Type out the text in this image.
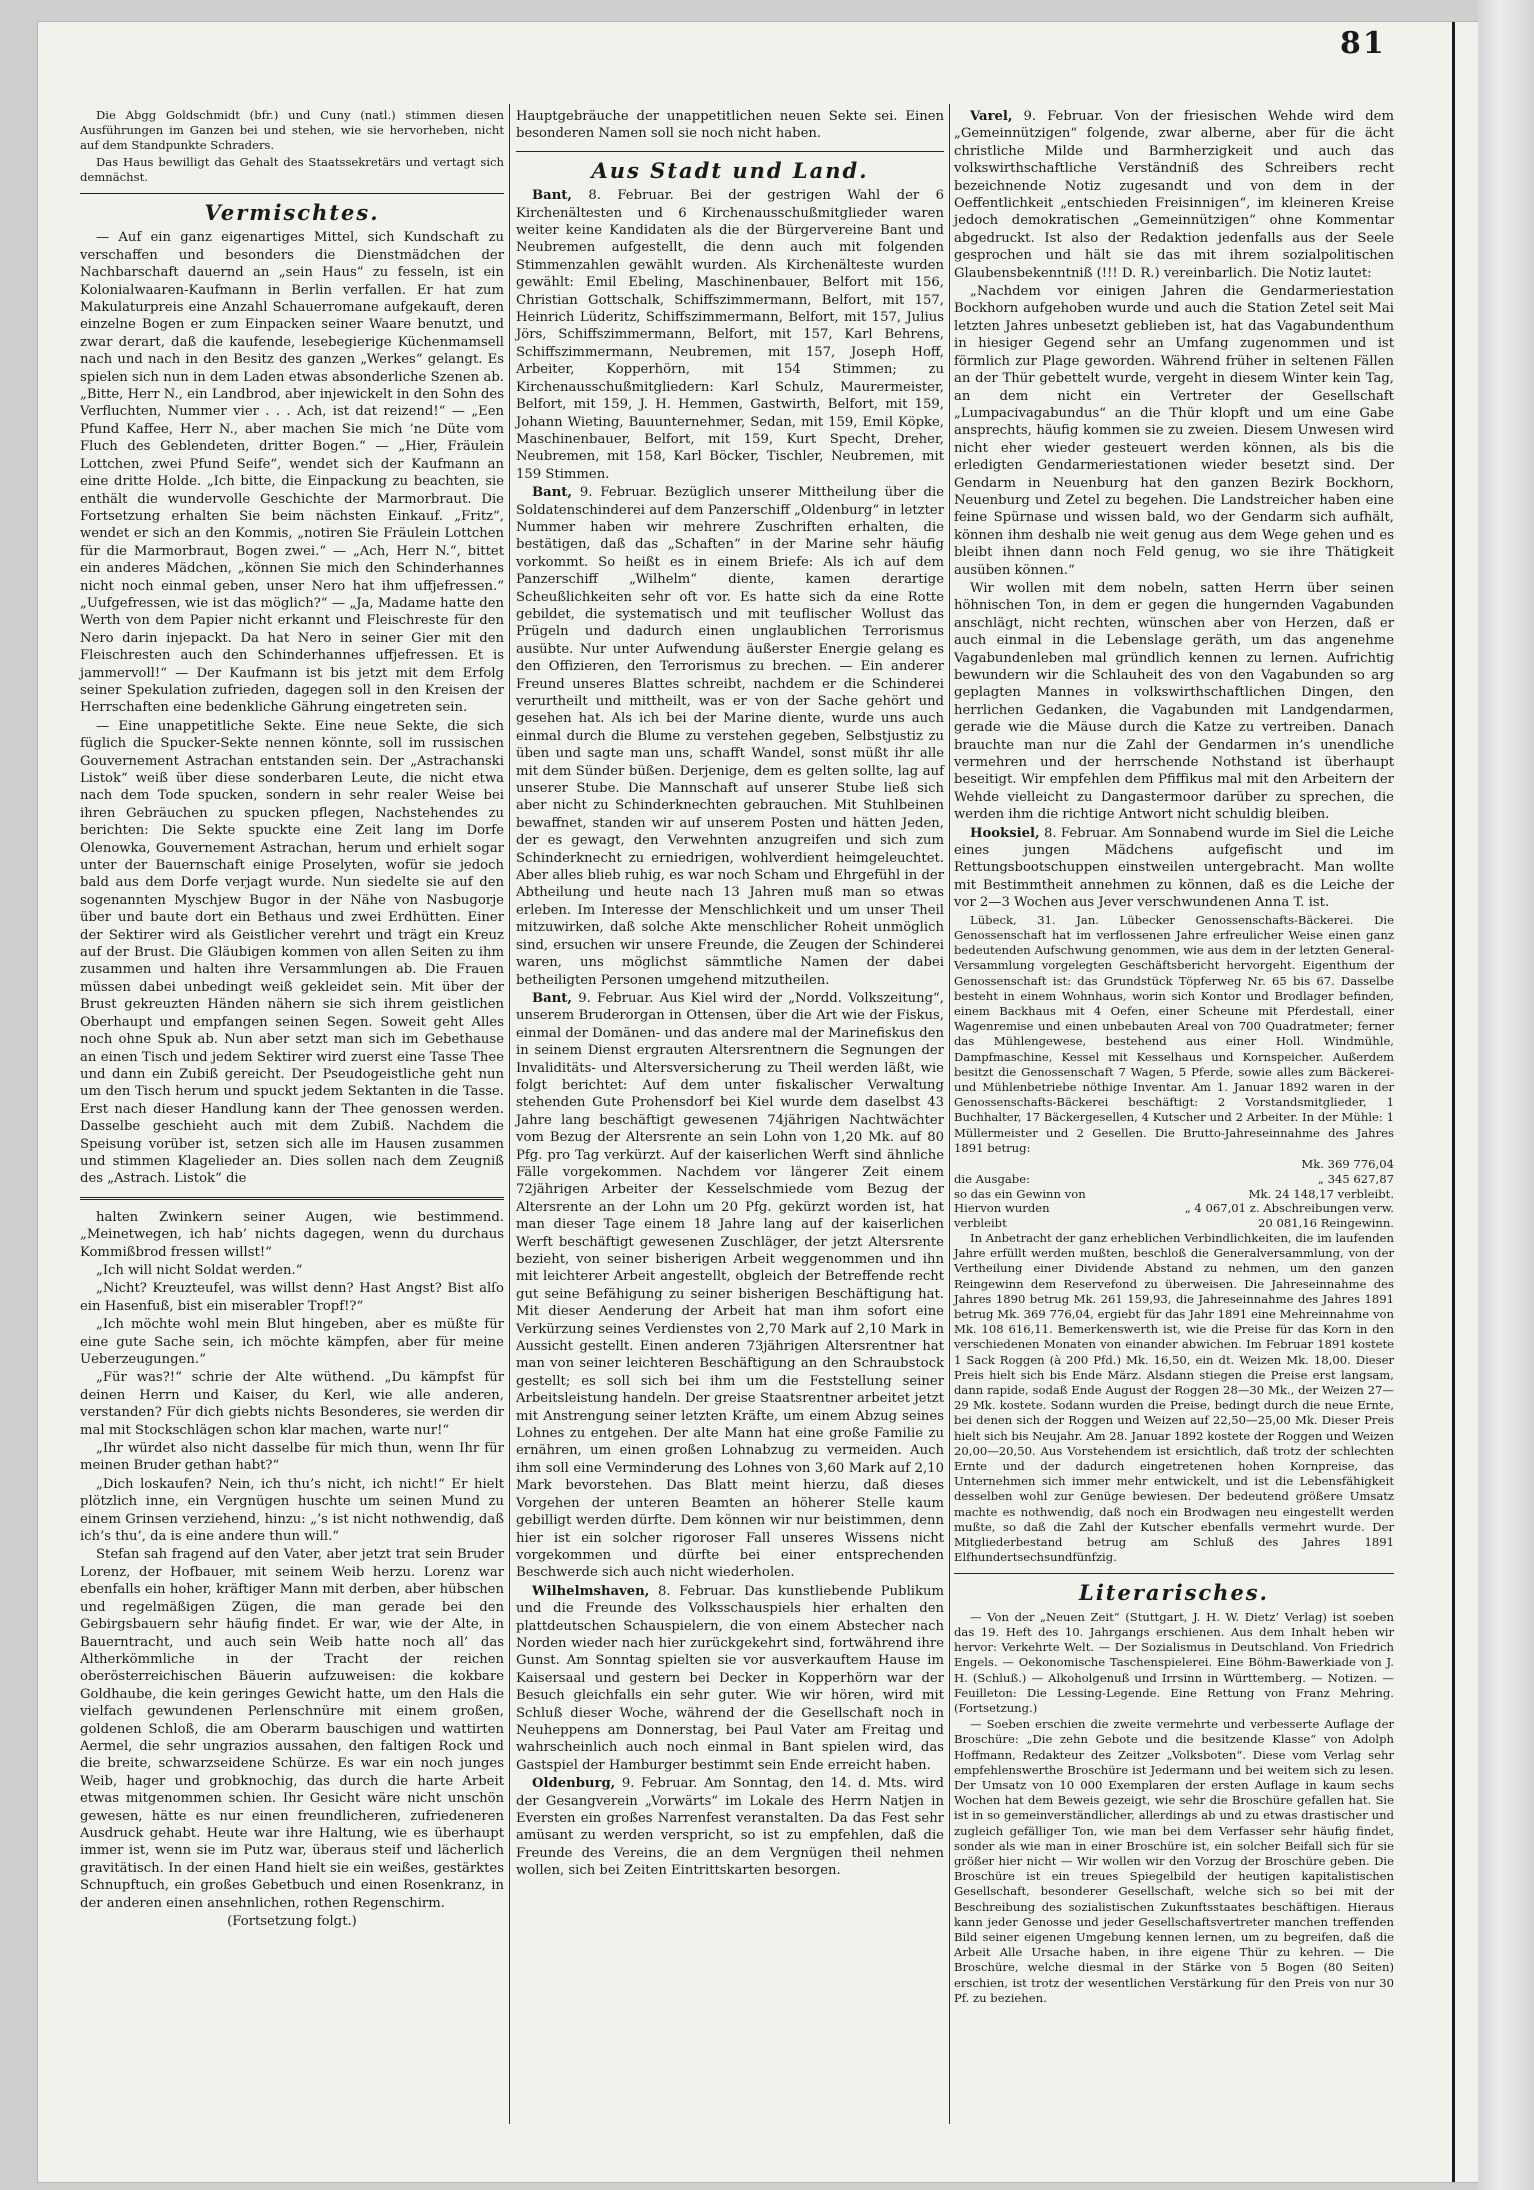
81

Die Abgg Goldschmidt (bfr.) und Cuny (natl.) stimmen diesen Ausführungen im Ganzen bei und stehen, wie sie hervorheben, nicht auf dem Standpunkte Schraders.

Das Haus bewilligt das Gehalt des Staatssekretärs und vertagt sich demnächst.

Vermischtes.

— Auf ein ganz eigenartiges Mittel, sich Kundschaft zu verschaffen und besonders die Dienstmädchen der Nachbarschaft dauernd an „sein Haus“ zu fesseln, ist ein Kolonialwaaren-Kaufmann in Berlin verfallen. Er hat zum Makulaturpreis eine Anzahl Schauerromane aufgekauft, deren einzelne Bogen er zum Einpacken seiner Waare benutzt, und zwar derart, daß die kaufende, lesebegierige Küchenmamsell nach und nach in den Besitz des ganzen „Werkes“ gelangt. Es spielen sich nun in dem Laden etwas absonderliche Szenen ab. „Bitte, Herr N., ein Landbrod, aber injewickelt in den Sohn des Verfluchten, Nummer vier . . . Ach, ist dat reizend!“ — „Een Pfund Kaffee, Herr N., aber machen Sie mich ’ne Düte vom Fluch des Geblendeten, dritter Bogen.“ — „Hier, Fräulein Lottchen, zwei Pfund Seife“, wendet sich der Kaufmann an eine dritte Holde. „Ich bitte, die Einpackung zu beachten, sie enthält die wundervolle Geschichte der Marmorbraut. Die Fortsetzung erhalten Sie beim nächsten Einkauf. „Fritz“, wendet er sich an den Kommis, „notiren Sie Fräulein Lottchen für die Marmorbraut, Bogen zwei.“ — „Ach, Herr N.“, bittet ein anderes Mädchen, „können Sie mich den Schinderhannes nicht noch einmal geben, unser Nero hat ihm uffjefressen.“ „Uufgefressen, wie ist das möglich?“ — „Ja, Madame hatte den Werth von dem Papier nicht erkannt und Fleischreste für den Nero darin injepackt. Da hat Nero in seiner Gier mit den Fleischresten auch den Schinderhannes uffjefressen. Et is jammervoll!“ — Der Kaufmann ist bis jetzt mit dem Erfolg seiner Spekulation zufrieden, dagegen soll in den Kreisen der Herrschaften eine bedenkliche Gährung eingetreten sein.

— Eine unappetitliche Sekte. Eine neue Sekte, die sich füglich die Spucker-Sekte nennen könnte, soll im russischen Gouvernement Astrachan entstanden sein. Der „Astrachanski Listok“ weiß über diese sonderbaren Leute, die nicht etwa nach dem Tode spucken, sondern in sehr realer Weise bei ihren Gebräuchen zu spucken pflegen, Nachstehendes zu berichten: Die Sekte spuckte eine Zeit lang im Dorfe Olenowka, Gouvernement Astrachan, herum und erhielt sogar unter der Bauernschaft einige Proselyten, wofür sie jedoch bald aus dem Dorfe verjagt wurde. Nun siedelte sie auf den sogenannten Myschjew Bugor in der Nähe von Nasbugorje über und baute dort ein Bethaus und zwei Erdhütten. Einer der Sektirer wird als Geistlicher verehrt und trägt ein Kreuz auf der Brust. Die Gläubigen kommen von allen Seiten zu ihm zusammen und halten ihre Versammlungen ab. Die Frauen müssen dabei unbedingt weiß gekleidet sein. Mit über der Brust gekreuzten Händen nähern sie sich ihrem geistlichen Oberhaupt und empfangen seinen Segen. Soweit geht Alles noch ohne Spuk ab. Nun aber setzt man sich im Gebethause an einen Tisch und jedem Sektirer wird zuerst eine Tasse Thee und dann ein Zubiß gereicht. Der Pseudogeistliche geht nun um den Tisch herum und spuckt jedem Sektanten in die Tasse. Erst nach dieser Handlung kann der Thee genossen werden. Dasselbe geschieht auch mit dem Zubiß. Nachdem die Speisung vorüber ist, setzen sich alle im Hausen zusammen und stimmen Klagelieder an. Dies sollen nach dem Zeugniß des „Astrach. Listok“ die

halten Zwinkern seiner Augen, wie bestimmend. „Meinetwegen, ich hab’ nichts dagegen, wenn du durchaus Kommißbrod fressen willst!“

„Ich will nicht Soldat werden.“

„Nicht? Kreuzteufel, was willst denn? Hast Angst? Bist alſo ein Hasenfuß, bist ein miserabler Tropf!?“

„Ich möchte wohl mein Blut hingeben, aber es müßte für eine gute Sache sein, ich möchte kämpfen, aber für meine Ueberzeugungen.“

„Für was?!“ schrie der Alte wüthend. „Du kämpfst für deinen Herrn und Kaiser, du Kerl, wie alle anderen, verstanden? Für dich giebts nichts Besonderes, sie werden dir mal mit Stockschlägen schon klar machen, warte nur!“

„Ihr würdet also nicht dasselbe für mich thun, wenn Ihr für meinen Bruder gethan habt?“

„Dich loskaufen? Nein, ich thu’s nicht, ich nicht!“ Er hielt plötzlich inne, ein Vergnügen huschte um seinen Mund zu einem Grinsen verziehend, hinzu: „’s ist nicht nothwendig, daß ich’s thu’, da is eine andere thun will.“

Stefan sah fragend auf den Vater, aber jetzt trat sein Bruder Lorenz, der Hofbauer, mit seinem Weib herzu. Lorenz war ebenfalls ein hoher, kräftiger Mann mit derben, aber hübschen und regelmäßigen Zügen, die man gerade bei den Gebirgsbauern sehr häufig findet. Er war, wie der Alte, in Bauerntracht, und auch sein Weib hatte noch all’ das Altherkömmliche in der Tracht der reichen oberösterreichischen Bäuerin aufzuweisen: die kokbare Goldhaube, die kein geringes Gewicht hatte, um den Hals die vielfach gewundenen Perlenschnüre mit einem großen, goldenen Schloß, die am Oberarm bauschigen und wattirten Aermel, die sehr ungrazios aussahen, den faltigen Rock und die breite, schwarzseidene Schürze. Es war ein noch junges Weib, hager und grobknochig, das durch die harte Arbeit etwas mitgenommen schien. Ihr Gesicht wäre nicht unschön gewesen, hätte es nur einen freundlicheren, zufriedeneren Ausdruck gehabt. Heute war ihre Haltung, wie es überhaupt immer ist, wenn sie im Putz war, überaus steif und lächerlich gravitätisch. In der einen Hand hielt sie ein weißes, gestärktes Schnupftuch, ein großes Gebetbuch und einen Rosenkranz, in der anderen einen ansehnlichen, rothen Regenschirm.

(Fortsetzung folgt.)

Hauptgebräuche der unappetitlichen neuen Sekte sei. Einen besonderen Namen soll sie noch nicht haben.

Aus Stadt und Land.

Bant, 8. Februar. Bei der gestrigen Wahl der 6 Kirchenältesten und 6 Kirchenausschußmitglieder waren weiter keine Kandidaten als die der Bürgervereine Bant und Neubremen aufgestellt, die denn auch mit folgenden Stimmenzahlen gewählt wurden. Als Kirchenälteste wurden gewählt: Emil Ebeling, Maschinenbauer, Belfort mit 156, Christian Gottschalk, Schiffszimmermann, Belfort, mit 157, Heinrich Lüderitz, Schiffszimmermann, Belfort, mit 157, Julius Jörs, Schiffszimmermann, Belfort, mit 157, Karl Behrens, Schiffszimmermann, Neubremen, mit 157, Joseph Hoff, Arbeiter, Kopperhörn, mit 154 Stimmen; zu Kirchenausschußmitgliedern: Karl Schulz, Maurermeister, Belfort, mit 159, J. H. Hemmen, Gastwirth, Belfort, mit 159, Johann Wieting, Bauunternehmer, Sedan, mit 159, Emil Köpke, Maschinenbauer, Belfort, mit 159, Kurt Specht, Dreher, Neubremen, mit 158, Karl Böcker, Tischler, Neubremen, mit 159 Stimmen.

Bant, 9. Februar. Bezüglich unserer Mittheilung über die Soldatenschinderei auf dem Panzerschiff „Oldenburg“ in letzter Nummer haben wir mehrere Zuschriften erhalten, die bestätigen, daß das „Schaften“ in der Marine sehr häufig vorkommt. So heißt es in einem Briefe: Als ich auf dem Panzerschiff „Wilhelm“ diente, kamen derartige Scheußlichkeiten sehr oft vor. Es hatte sich da eine Rotte gebildet, die systematisch und mit teuflischer Wollust das Prügeln und dadurch einen unglaublichen Terrorismus ausübte. Nur unter Aufwendung äußerster Energie gelang es den Offizieren, den Terrorismus zu brechen. — Ein anderer Freund unseres Blattes schreibt, nachdem er die Schinderei verurtheilt und mittheilt, was er von der Sache gehört und gesehen hat. Als ich bei der Marine diente, wurde uns auch einmal durch die Blume zu verstehen gegeben, Selbstjustiz zu üben und sagte man uns, schafft Wandel, sonst müßt ihr alle mit dem Sünder büßen. Derjenige, dem es gelten sollte, lag auf unserer Stube. Die Mannschaft auf unserer Stube ließ sich aber nicht zu Schinderknechten gebrauchen. Mit Stuhlbeinen bewaffnet, standen wir auf unserem Posten und hätten Jeden, der es gewagt, den Verwehnten anzugreifen und sich zum Schinderknecht zu erniedrigen, wohlverdient heimgeleuchtet. Aber alles blieb ruhig, es war noch Scham und Ehrgefühl in der Abtheilung und heute nach 13 Jahren muß man so etwas erleben. Im Interesse der Menschlichkeit und um unser Theil mitzuwirken, daß solche Akte menschlicher Roheit unmöglich sind, ersuchen wir unsere Freunde, die Zeugen der Schinderei waren, uns möglichst sämmtliche Namen der dabei betheiligten Personen umgehend mitzutheilen.

Bant, 9. Februar. Aus Kiel wird der „Nordd. Volkszeitung“, unserem Bruderorgan in Ottensen, über die Art wie der Fiskus, einmal der Domänen- und das andere mal der Marinefiskus den in seinem Dienst ergrauten Altersrentnern die Segnungen der Invaliditäts- und Altersversicherung zu Theil werden läßt, wie folgt berichtet: Auf dem unter fiskalischer Verwaltung stehenden Gute Prohensdorf bei Kiel wurde dem daselbst 43 Jahre lang beschäftigt gewesenen 74jährigen Nachtwächter vom Bezug der Altersrente an sein Lohn von 1,20 Mk. auf 80 Pfg. pro Tag verkürzt. Auf der kaiserlichen Werft sind ähnliche Fälle vorgekommen. Nachdem vor längerer Zeit einem 72jährigen Arbeiter der Kesselschmiede vom Bezug der Altersrente an der Lohn um 20 Pfg. gekürzt worden ist, hat man dieser Tage einem 18 Jahre lang auf der kaiserlichen Werft beschäftigt gewesenen Zuschläger, der jetzt Altersrente bezieht, von seiner bisherigen Arbeit weggenommen und ihn mit leichterer Arbeit angestellt, obgleich der Betreffende recht gut seine Befähigung zu seiner bisherigen Beschäftigung hat. Mit dieser Aenderung der Arbeit hat man ihm sofort eine Verkürzung seines Verdienstes von 2,70 Mark auf 2,10 Mark in Aussicht gestellt. Einen anderen 73jährigen Altersrentner hat man von seiner leichteren Beschäftigung an den Schraubstock gestellt; es soll sich bei ihm um die Feststellung seiner Arbeitsleistung handeln. Der greise Staatsrentner arbeitet jetzt mit Anstrengung seiner letzten Kräfte, um einem Abzug seines Lohnes zu entgehen. Der alte Mann hat eine große Familie zu ernähren, um einen großen Lohnabzug zu vermeiden. Auch ihm soll eine Verminderung des Lohnes von 3,60 Mark auf 2,10 Mark bevorstehen. Das Blatt meint hierzu, daß dieses Vorgehen der unteren Beamten an höherer Stelle kaum gebilligt werden dürfte. Dem können wir nur beistimmen, denn hier ist ein solcher rigoroser Fall unseres Wissens nicht vorgekommen und dürfte bei einer entsprechenden Beschwerde sich auch nicht wiederholen.

Wilhelmshaven, 8. Februar. Das kunstliebende Publikum und die Freunde des Volksschauspiels hier erhalten den plattdeutschen Schauspielern, die von einem Abstecher nach Norden wieder nach hier zurückgekehrt sind, fortwährend ihre Gunst. Am Sonntag spielten sie vor ausverkauftem Hause im Kaisersaal und gestern bei Decker in Kopperhörn war der Besuch gleichfalls ein sehr guter. Wie wir hören, wird mit Schluß dieser Woche, während der die Gesellschaft noch in Neuheppens am Donnerstag, bei Paul Vater am Freitag und wahrscheinlich auch noch einmal in Bant spielen wird, das Gastspiel der Hamburger bestimmt sein Ende erreicht haben.

Oldenburg, 9. Februar. Am Sonntag, den 14. d. Mts. wird der Gesangverein „Vorwärts“ im Lokale des Herrn Natjen in Eversten ein großes Narrenfest veranstalten. Da das Fest sehr amüsant zu werden verspricht, so ist zu empfehlen, daß die Freunde des Vereins, die an dem Vergnügen theil nehmen wollen, sich bei Zeiten Eintrittskarten besorgen.

Varel, 9. Februar. Von der friesischen Wehde wird dem „Gemeinnützigen“ folgende, zwar alberne, aber für die ächt christliche Milde und Barmherzigkeit und auch das volkswirthschaftliche Verständniß des Schreibers recht bezeichnende Notiz zugesandt und von dem in der Oeffentlichkeit „entschieden Freisinnigen“, im kleineren Kreise jedoch demokratischen „Gemeinnützigen“ ohne Kommentar abgedruckt. Ist also der Redaktion jedenfalls aus der Seele gesprochen und hält sie das mit ihrem sozialpolitischen Glaubensbekenntniß (!!! D. R.) vereinbarlich. Die Notiz lautet:

„Nachdem vor einigen Jahren die Gendarmeriestation Bockhorn aufgehoben wurde und auch die Station Zetel seit Mai letzten Jahres unbesetzt geblieben ist, hat das Vagabundenthum in hiesiger Gegend sehr an Umfang zugenommen und ist förmlich zur Plage geworden. Während früher in seltenen Fällen an der Thür gebettelt wurde, vergeht in diesem Winter kein Tag, an dem nicht ein Vertreter der Gesellschaft „Lumpacivagabundus“ an die Thür klopft und um eine Gabe ansprechts, häufig kommen sie zu zweien. Diesem Unwesen wird nicht eher wieder gesteuert werden können, als bis die erledigten Gendarmeriestationen wieder besetzt sind. Der Gendarm in Neuenburg hat den ganzen Bezirk Bockhorn, Neuenburg und Zetel zu begehen. Die Landstreicher haben eine feine Spürnase und wissen bald, wo der Gendarm sich aufhält, können ihm deshalb nie weit genug aus dem Wege gehen und es bleibt ihnen dann noch Feld genug, wo sie ihre Thätigkeit ausüben können.“

Wir wollen mit dem nobeln, satten Herrn über seinen höhnischen Ton, in dem er gegen die hungernden Vagabunden anschlägt, nicht rechten, wünschen aber von Herzen, daß er auch einmal in die Lebenslage geräth, um das angenehme Vagabundenleben mal gründlich kennen zu lernen. Aufrichtig bewundern wir die Schlauheit des von den Vagabunden so arg geplagten Mannes in volkswirthschaftlichen Dingen, den herrlichen Gedanken, die Vagabunden mit Landgendarmen, gerade wie die Mäuse durch die Katze zu vertreiben. Danach brauchte man nur die Zahl der Gendarmen in’s unendliche vermehren und der herrschende Nothstand ist überhaupt beseitigt. Wir empfehlen dem Pfiffikus mal mit den Arbeitern der Wehde vielleicht zu Dangastermoor darüber zu sprechen, die werden ihm die richtige Antwort nicht schuldig bleiben.

Hooksiel, 8. Februar. Am Sonnabend wurde im Siel die Leiche eines jungen Mädchens aufgefischt und im Rettungsbootschuppen einstweilen untergebracht. Man wollte mit Bestimmtheit annehmen zu können, daß es die Leiche der vor 2—3 Wochen aus Jever verschwundenen Anna T. ist.

Lübeck, 31. Jan. Lübecker Genossenschafts-Bäckerei. Die Genossenschaft hat im verflossenen Jahre erfreulicher Weise einen ganz bedeutenden Aufschwung genommen, wie aus dem in der letzten General-Versammlung vorgelegten Geschäftsbericht hervorgeht. Eigenthum der Genossenschaft ist: das Grundstück Töpferweg Nr. 65 bis 67. Dasselbe besteht in einem Wohnhaus, worin sich Kontor und Brodlager befinden, einem Backhaus mit 4 Oefen, einer Scheune mit Pferdestall, einer Wagenremise und einen unbebauten Areal von 700 Quadratmeter; ferner das Mühlengewese, bestehend aus einer Holl. Windmühle, Dampfmaschine, Kessel mit Kesselhaus und Kornspeicher. Außerdem besitzt die Genossenschaft 7 Wagen, 5 Pferde, sowie alles zum Bäckerei- und Mühlenbetriebe nöthige Inventar. Am 1. Januar 1892 waren in der Genossenschafts-Bäckerei beschäftigt: 2 Vorstandsmitglieder, 1 Buchhalter, 17 Bäckergesellen, 4 Kutscher und 2 Arbeiter. In der Mühle: 1 Müllermeister und 2 Gesellen. Die Brutto-Jahreseinnahme des Jahres 1891 betrug:

	Mk. 369 776,04
die Ausgabe:	„ 345 627,87
so das ein Gewinn von	Mk. 24 148,17 verbleibt.
Hiervon wurden	„ 4 067,01 z. Abschreibungen verw.
verbleibt	20 081,16 Reingewinn.

In Anbetracht der ganz erheblichen Verbindlichkeiten, die im laufenden Jahre erfüllt werden mußten, beschloß die Generalversammlung, von der Vertheilung einer Dividende Abstand zu nehmen, um den ganzen Reingewinn dem Reservefond zu überweisen. Die Jahreseinnahme des Jahres 1890 betrug Mk. 261 159,93, die Jahreseinnahme des Jahres 1891 betrug Mk. 369 776,04, ergiebt für das Jahr 1891 eine Mehreinnahme von Mk. 108 616,11. Bemerkenswerth ist, wie die Preise für das Korn in den verschiedenen Monaten von einander abwichen. Im Februar 1891 kostete 1 Sack Roggen (à 200 Pfd.) Mk. 16,50, ein dt. Weizen Mk. 18,00. Dieser Preis hielt sich bis Ende März. Alsdann stiegen die Preise erst langsam, dann rapide, sodaß Ende August der Roggen 28—30 Mk., der Weizen 27—29 Mk. kostete. Sodann wurden die Preise, bedingt durch die neue Ernte, bei denen sich der Roggen und Weizen auf 22,50—25,00 Mk. Dieser Preis hielt sich bis Neujahr. Am 28. Januar 1892 kostete der Roggen und Weizen 20,00—20,50. Aus Vorstehendem ist ersichtlich, daß trotz der schlechten Ernte und der dadurch eingetretenen hohen Kornpreise, das Unternehmen sich immer mehr entwickelt, und ist die Lebensfähigkeit desselben wohl zur Genüge bewiesen. Der bedeutend größere Umsatz machte es nothwendig, daß noch ein Brodwagen neu eingestellt werden mußte, so daß die Zahl der Kutscher ebenfalls vermehrt wurde. Der Mitgliederbestand betrug am Schluß des Jahres 1891 Elfhundertsechsundfünfzig.

Literarisches.

— Von der „Neuen Zeit“ (Stuttgart, J. H. W. Dietz’ Verlag) ist soeben das 19. Heft des 10. Jahrgangs erschienen. Aus dem Inhalt heben wir hervor: Verkehrte Welt. — Der Sozialismus in Deutschland. Von Friedrich Engels. — Oekonomische Taschenspielerei. Eine Böhm-Bawerkiade von J. H. (Schluß.) — Alkoholgenuß und Irrsinn in Württemberg. — Notizen. — Feuilleton: Die Lessing-Legende. Eine Rettung von Franz Mehring. (Fortsetzung.)

— Soeben erschien die zweite vermehrte und verbesserte Auflage der Broschüre: „Die zehn Gebote und die besitzende Klasse“ von Adolph Hoffmann, Redakteur des Zeitzer „Volksboten“. Diese vom Verlag sehr empfehlenswerthe Broschüre ist Jedermann und bei weitem sich zu lesen. Der Umsatz von 10 000 Exemplaren der ersten Auflage in kaum sechs Wochen hat dem Beweis gezeigt, wie sehr die Broschüre gefallen hat. Sie ist in so gemeinverständlicher, allerdings ab und zu etwas drastischer und zugleich gefälliger Ton, wie man bei dem Verfasser sehr häufig findet, sonder als wie man in einer Broschüre ist, ein solcher Beifall sich für sie größer hier nicht — Wir wollen wir den Vorzug der Broschüre geben. Die Broschüre ist ein treues Spiegelbild der heutigen kapitalistischen Gesellschaft, besonderer Gesellschaft, welche sich so bei mit der Beschreibung des sozialistischen Zukunftsstaates beschäftigen. Hieraus kann jeder Genosse und jeder Gesellschaftsvertreter manchen treffenden Bild seiner eigenen Umgebung kennen lernen, um zu begreifen, daß die Arbeit Alle Ursache haben, in ihre eigene Thür zu kehren. — Die Broschüre, welche diesmal in der Stärke von 5 Bogen (80 Seiten) erschien, ist trotz der wesentlichen Verstärkung für den Preis von nur 30 Pf. zu beziehen.
